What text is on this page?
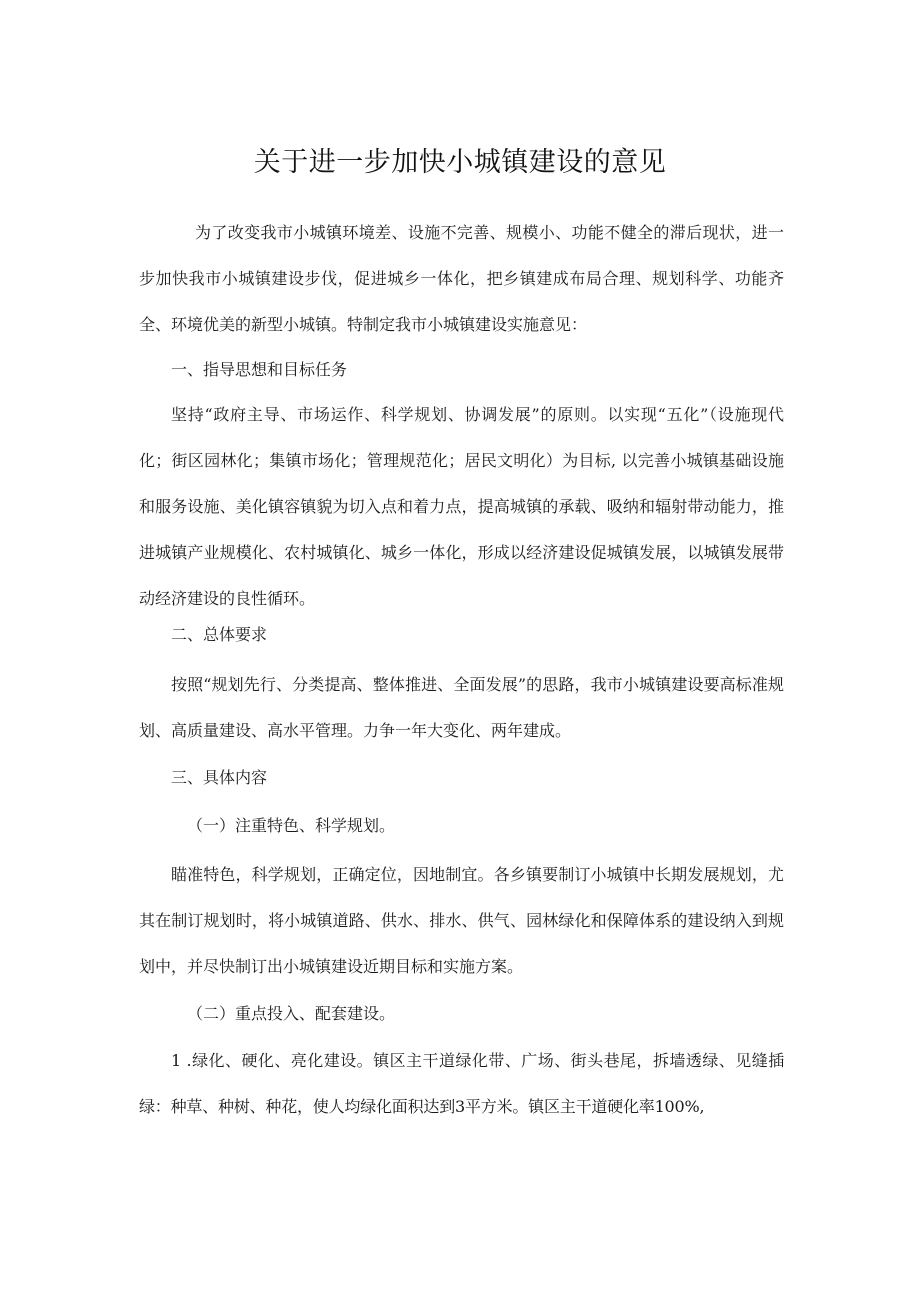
关于进一步加快小城镇建设的意见

为了改变我市小城镇环境差、设施不完善、规模小、功能不健全的滞后现状，进一步加快我市小城镇建设步伐，促进城乡一体化，把乡镇建成布局合理、规划科学、功能齐全、环境优美的新型小城镇。特制定我市小城镇建设实施意见：

一、指导思想和目标任务

坚持“政府主导、市场运作、科学规划、协调发展”的原则。以实现“五化”（设施现代化；街区园林化；集镇市场化；管理规范化；居民文明化）为目标, 以完善小城镇基础设施和服务设施、美化镇容镇貌为切入点和着力点，提高城镇的承载、吸纳和辐射带动能力，推进城镇产业规模化、农村城镇化、城乡一体化，形成以经济建设促城镇发展，以城镇发展带动经济建设的良性循环。

二、总体要求

按照“规划先行、分类提高、整体推进、全面发展”的思路，我市小城镇建设要高标准规划、高质量建设、高水平管理。力争一年大变化、两年建成。

三、具体内容

（一）注重特色、科学规划。

瞄准特色，科学规划，正确定位，因地制宜。各乡镇要制订小城镇中长期发展规划，尤其在制订规划时，将小城镇道路、供水、排水、供气、园林绿化和保障体系的建设纳入到规划中，并尽快制订出小城镇建设近期目标和实施方案。

（二）重点投入、配套建设。

1 .绿化、硬化、亮化建设。镇区主干道绿化带、广场、街头巷尾，拆墙透绿、见缝插绿：种草、种树、种花，使人均绿化面积达到3平方米。镇区主干道硬化率100%,
